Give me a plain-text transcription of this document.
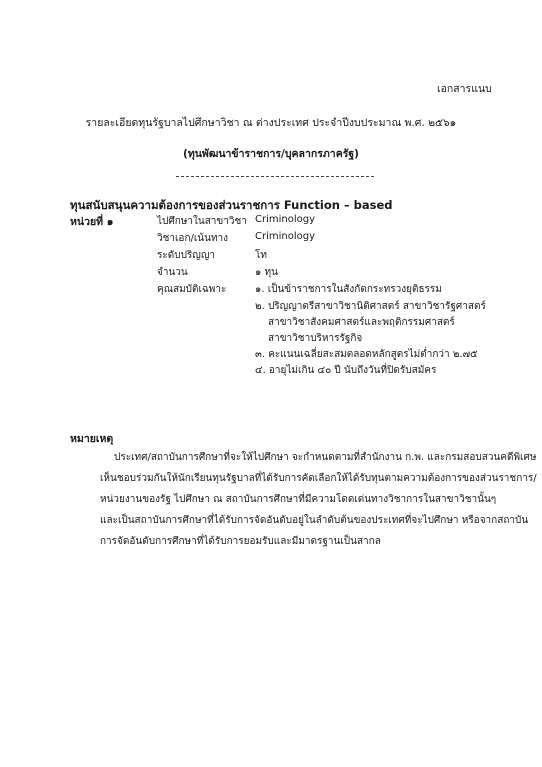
เอกสารแนบ
รายละเอียดทุนรัฐบาลไปศึกษาวิชา ณ ต่างประเทศ ประจำปีงบประมาณ พ.ศ. ๒๕๖๑
(ทุนพัฒนาข้าราชการ/บุคลากรภาครัฐ)
ทุนสนับสนุนความต้องการของส่วนราชการ Function – based
หน่วยที่ ๑	ไปศึกษาในสาขาวิชา Criminology
วิชาเอก/เน้นทาง	Criminology
ระดับปริญญา	โท
จำนวน	๑ ทุน
คุณสมบัติเฉพาะ	๑. เป็นข้าราชการในสังกัดกระทรวงยุติธรรม
๒. ปริญญาตรีสาขาวิชานิติศาสตร์ สาขาวิชารัฐศาสตร์
สาขาวิชาสังคมศาสตร์และพฤติกรรมศาสตร์
สาขาวิชาบริหารรัฐกิจ
๓. คะแนนเฉลี่ยสะสมตลอดหลักสูตรไม่ต่ำกว่า ๒.๗๕
๔. อายุไม่เกิน ๔๐ ปี นับถึงวันที่ปิดรับสมัคร
หมายเหตุ
ประเทศ/สถาบันการศึกษาที่จะให้ไปศึกษา จะกำหนดตามที่สำนักงาน ก.พ. และกรมสอบสวนคดีพิเศษ
เห็นชอบร่วมกันให้นักเรียนทุนรัฐบาลที่ได้รับการคัดเลือกให้ได้รับทุนตามความต้องการของส่วนราชการ/
หน่วยงานของรัฐ ไปศึกษา ณ สถาบันการศึกษาที่มีความโดดเด่นทางวิชาการในสาขาวิชานั้นๆ
และเป็นสถาบันการศึกษาที่ได้รับการจัดอันดับอยู่ในลำดับต้นของประเทศที่จะไปศึกษา หรือจากสถาบัน
การจัดอันดับการศึกษาที่ได้รับการยอมรับและมีมาตรฐานเป็นสากล
